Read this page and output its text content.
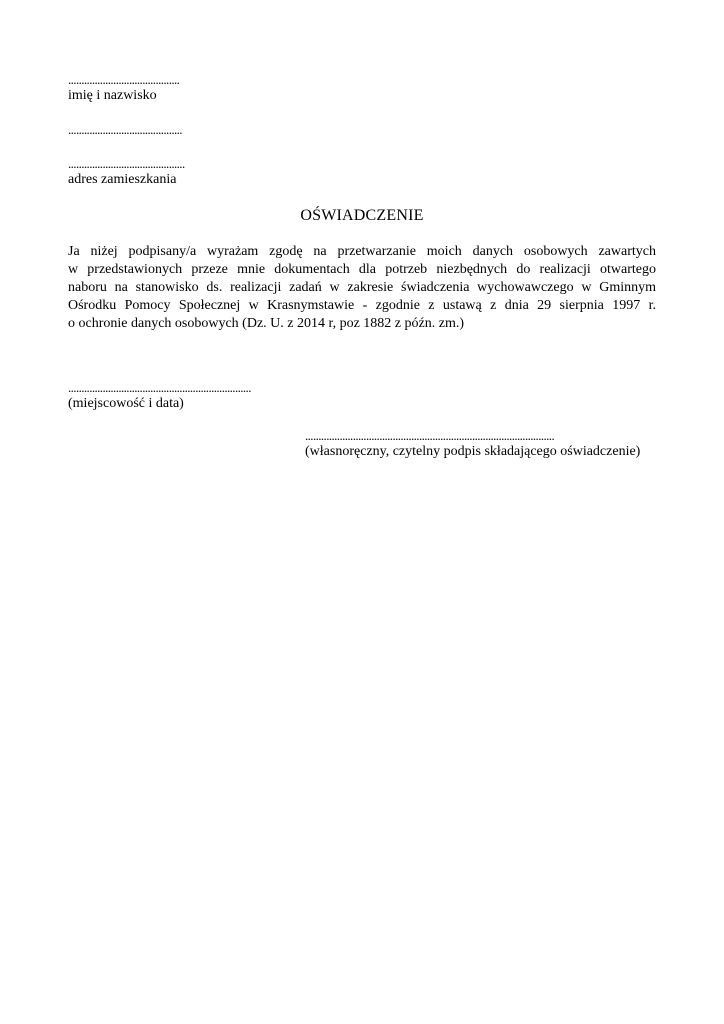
..........................................
imię i nazwisko
...........................................
............................................
adres zamieszkania
OŚWIADCZENIE
Ja niżej podpisany/a wyrażam zgodę na przetwarzanie moich danych osobowych zawartych
w przedstawionych przeze mnie dokumentach dla potrzeb niezbędnych do realizacji otwartego
naboru na stanowisko ds. realizacji zadań w zakresie świadczenia wychowawczego w Gminnym
Ośrodku Pomocy Społecznej w Krasnymstawie - zgodnie z ustawą z dnia 29 sierpnia 1997 r.
o ochronie danych osobowych (Dz. U. z 2014 r, poz 1882 z późn. zm.)
.....................................................................
(miejscowość i data)
..............................................................................................
(własnoręczny, czytelny podpis składającego oświadczenie)
